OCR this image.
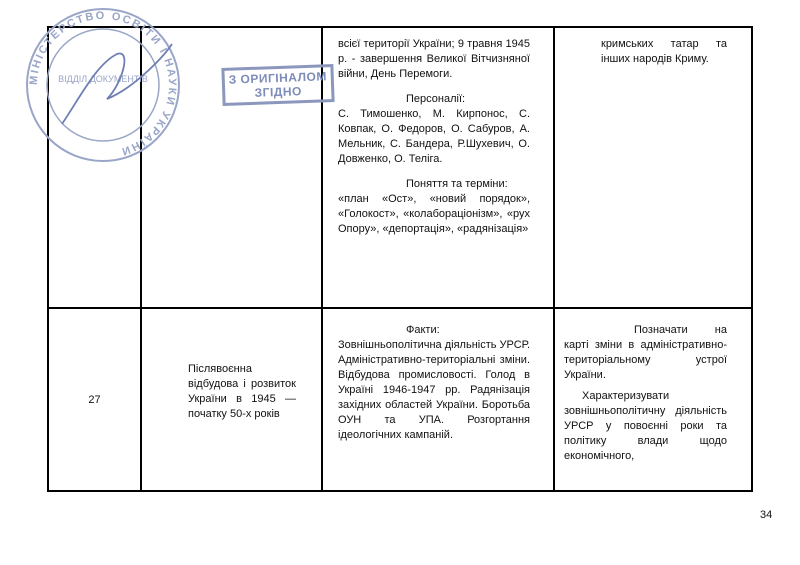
МІНІСТЕРСТВО ОСВІТИ І НАУКИ УКРАЇНИ
ВІДДІЛ ДОКУМЕНТІВ	З ОРИГІНАЛОМ
ЗГІДНО

всієї території України; 9 травня 1945 р. - завершення Великої Вітчизняної війни, День Перемоги.

Персоналії:

С. Тимошенко, М. Кирпонос, С. Ковпак, О. Федоров, О. Сабуров, А. Мельник, С. Бандера, Р.Шухевич, О. Довженко, О. Теліга.

Поняття та терміни:

«план «Ост», «новий порядок», «Голокост», «колабораціонізм», «рух Опору», «депортація», «радянізація»

кримських татар та інших народів Криму.

27

Післявоєнна відбудова і розвиток України в 1945 — початку 50-х років

Факти:

Зовнішньополітична діяльність УРСР. Адміністративно-територіальні зміни. Відбудова промисловості. Голод в Україні 1946-1947 рр. Радянізація західних областей України. Боротьба ОУН та УПА. Розгортання ідеологічних кампаній.

Позначати на карті зміни в адміністративно-територіальному устрої України.

Характеризувати зовнішньополітичну діяльність УРСР у повоєнні роки та політику влади щодо економічного,

34
